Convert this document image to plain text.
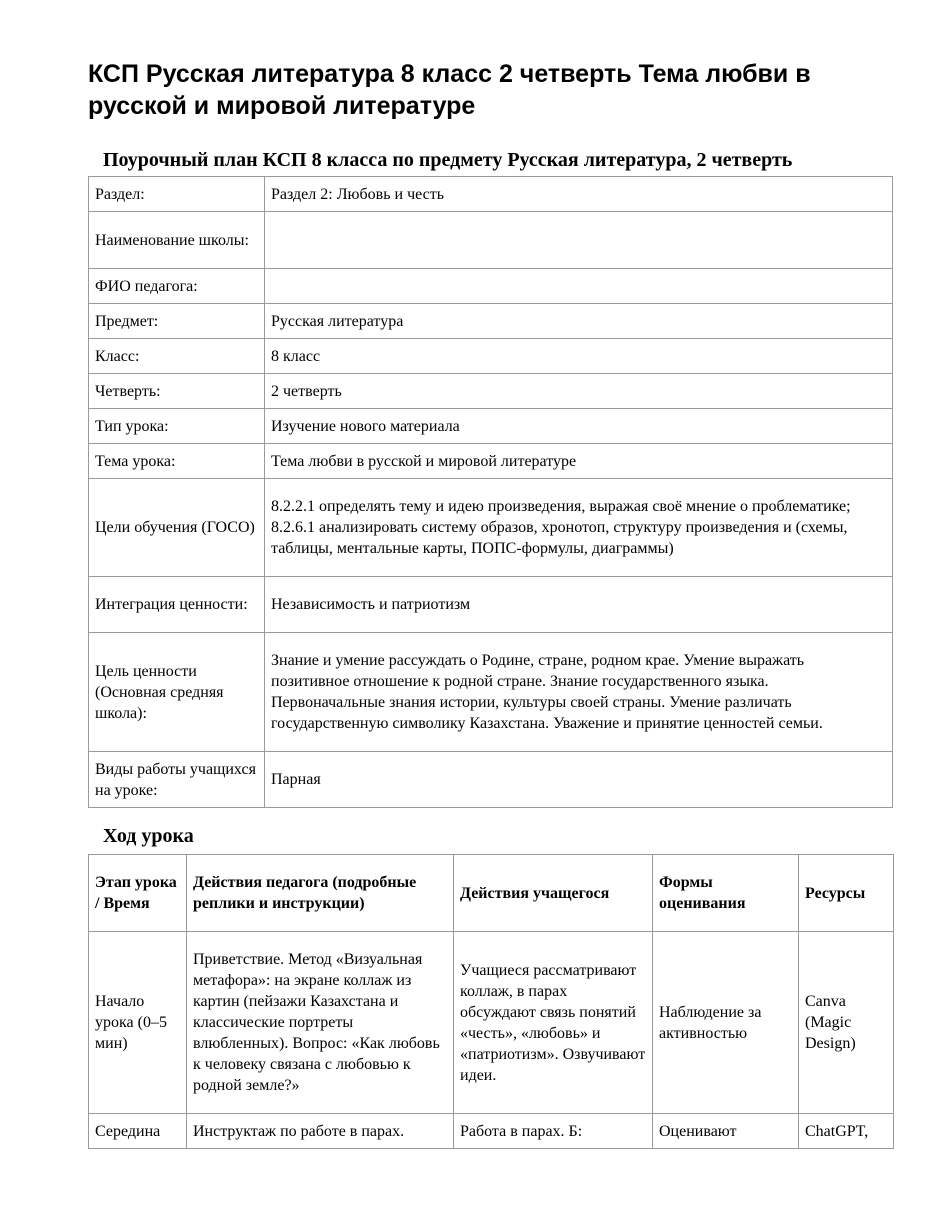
КСП Русская литература 8 класс 2 четверть Тема любви в русской и мировой литературе
Поурочный план КСП 8 класса по предмету Русская литература, 2 четверть
Раздел:	Раздел 2: Любовь и честь
Наименование школы:	
ФИО педагога:	
Предмет:	Русская литература
Класс:	8 класс
Четверть:	2 четверть
Тип урока:	Изучение нового материала
Тема урока:	Тема любви в русской и мировой литературе
Цели обучения (ГОСО)	8.2.2.1 определять тему и идею произведения, выражая своё мнение о проблематике; 8.2.6.1 анализировать систему образов, хронотоп, структуру произведения и (схемы, таблицы, ментальные карты, ПОПС-формулы, диаграммы)
Интеграция ценности:	Независимость и патриотизм
Цель ценности (Основная средняя школа):	Знание и умение рассуждать о Родине, стране, родном крае. Умение выражать позитивное отношение к родной стране. Знание государственного языка. Первоначальные знания истории, культуры своей страны. Умение различать государственную символику Казахстана. Уважение и принятие ценностей семьи.
Виды работы учащихся на уроке:	Парная
Ход урока
Этап урока / Время	Действия педагога (подробные реплики и инструкции)	Действия учащегося	Формы оценивания	Ресурсы
Начало урока (0–5 мин)	Приветствие. Метод «Визуальная метафора»: на экране коллаж из картин (пейзажи Казахстана и классические портреты влюбленных). Вопрос: «Как любовь к человеку связана с любовью к родной земле?»	Учащиеся рассматривают коллаж, в парах обсуждают связь понятий «честь», «любовь» и «патриотизм». Озвучивают идеи.	Наблюдение за активностью	Canva (Magic Design)
Середина	Инструктаж по работе в парах.	Работа в парах. Б:	Оценивают	ChatGPT,
